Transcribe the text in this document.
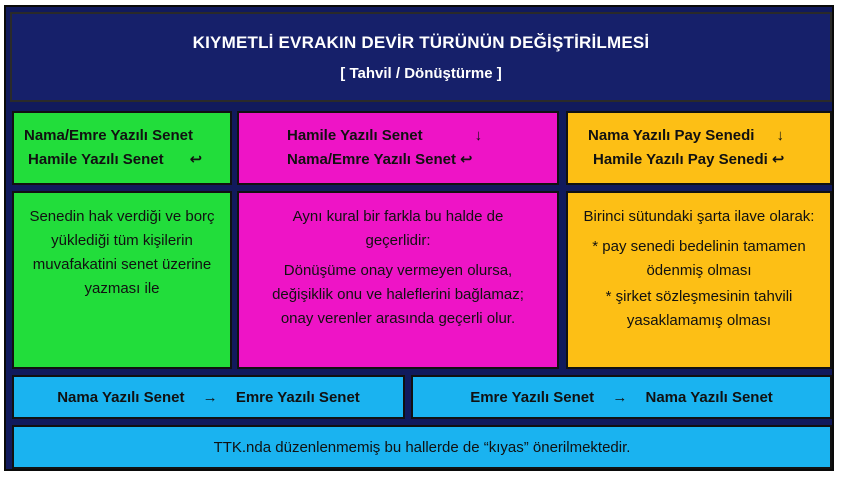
KIYMETLİ EVRAKIN DEVİR TÜRÜNÜN DEĞİŞTİRİLMESİ
[ Tahvil / Dönüştürme ]
Nama/Emre Yazılı Senet
Hamile Yazılı Senet ↩
Hamile Yazılı Senet	↓
Nama/Emre Yazılı Senet ↩
Nama Yazılı Pay Senedi ↓
Hamile Yazılı Pay Senedi ↩

Senedin hak verdiği ve borç yüklediği tüm kişilerin muvafakatini senet üzerine yazması ile

Aynı kural bir farkla bu halde de geçerlidir:

Dönüşüme onay vermeyen olursa, değişiklik onu ve haleflerini bağlamaz; onay verenler arasında geçerli olur.

Birinci sütundaki şarta ilave olarak:

* pay senedi bedelinin tamamen ödenmiş olması

* şirket sözleşmesinin tahvili yasaklamamış olması

Nama Yazılı Senet → Emre Yazılı Senet	Emre Yazılı Senet → Nama Yazılı Senet
TTK.nda düzenlenmemiş bu hallerde de “kıyas” önerilmektedir.
